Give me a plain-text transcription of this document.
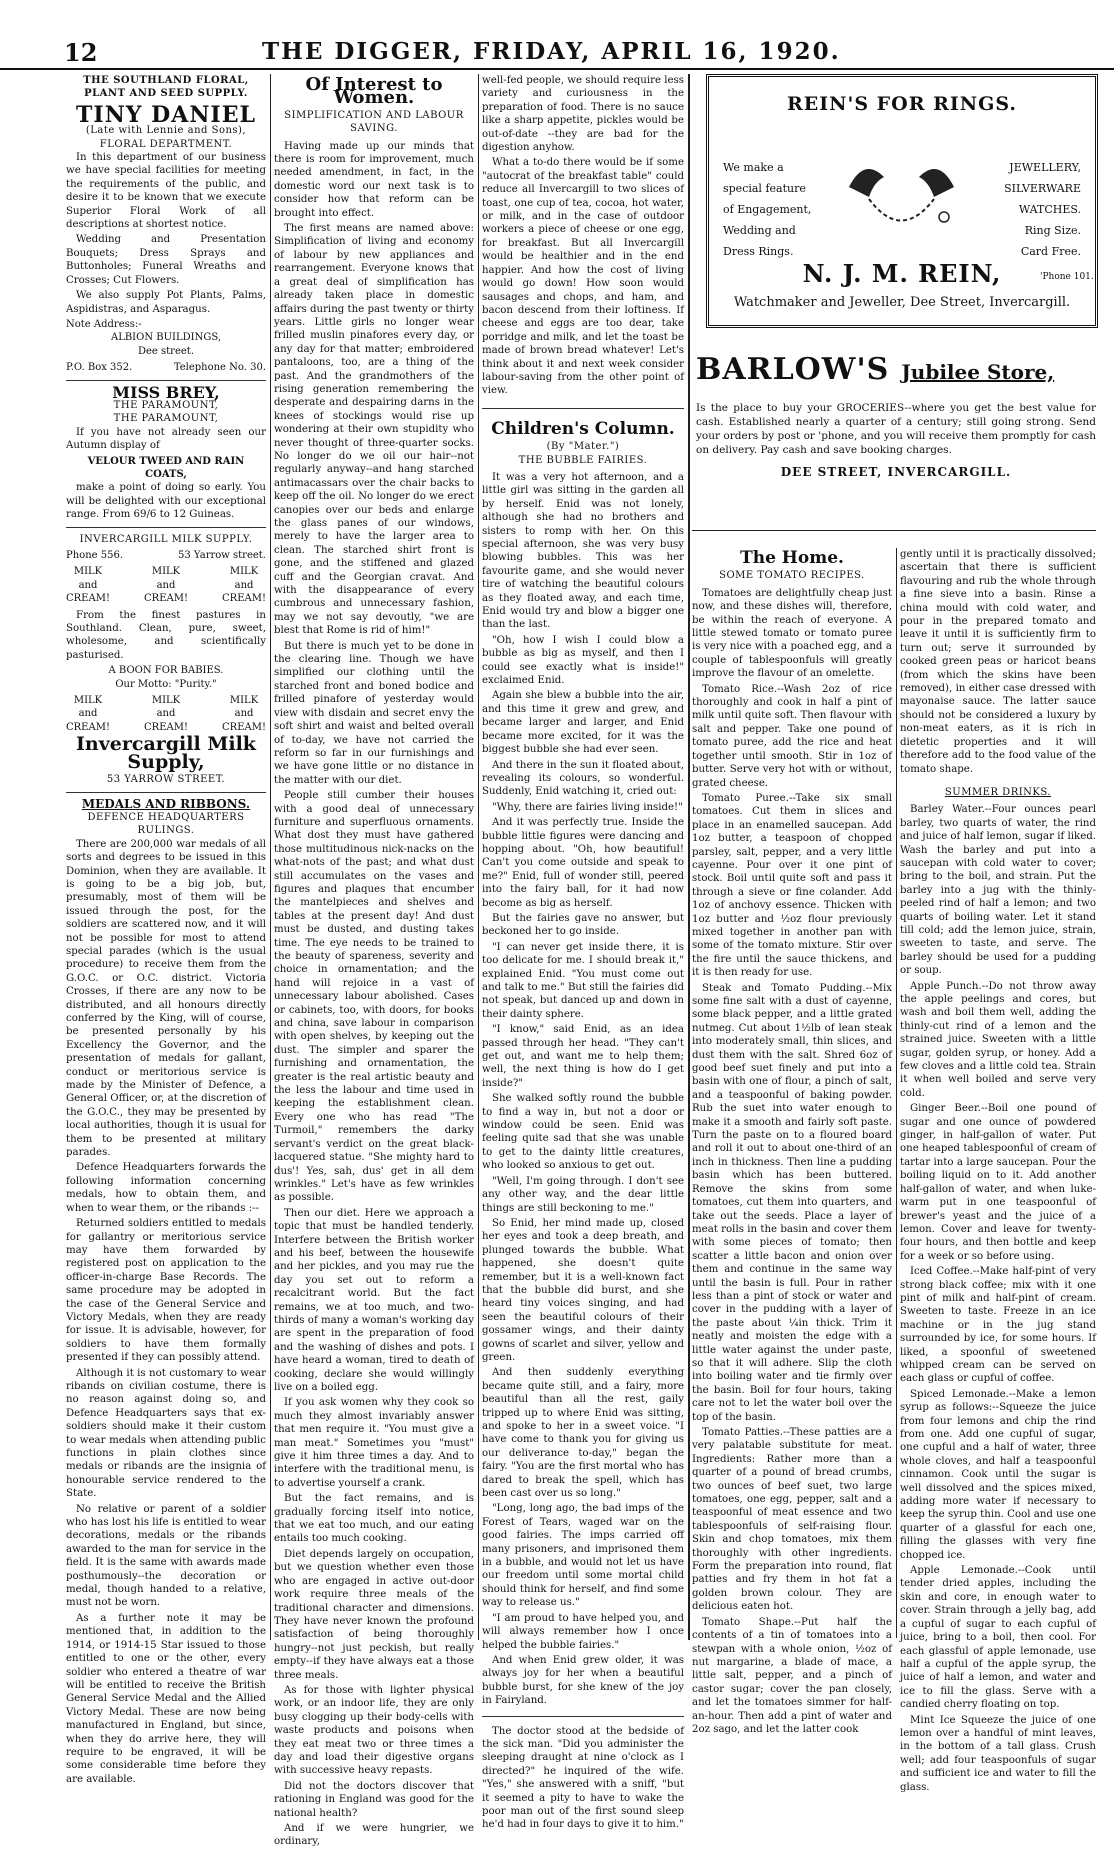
12	THE DIGGER, FRIDAY, APRIL 16, 1920.
THE SOUTHLAND FLORAL, PLANT AND SEED SUPPLY.
TINY DANIEL
(Late with Lennie and Sons),
FLORAL DEPARTMENT.

In this department of our business we have special facilities for meeting the requirements of the public, and desire it to be known that we execute Superior Floral Work of all descriptions at shortest notice.

Wedding and Presentation Bouquets; Dress Sprays and Buttonholes; Funeral Wreaths and Crosses; Cut Flowers.

We also supply Pot Plants, Palms, Aspidistras, and Asparagus.

Note Address:-
ALBION BUILDINGS,
Dee street.
P.O. Box 352.	Telephone No. 30.
MISS BREY,
THE PARAMOUNT,
THE PARAMOUNT,

If you have not already seen our Autumn display of

VELOUR TWEED AND RAIN COATS,

make a point of doing so early. You will be delighted with our exceptional range. From 69/6 to 12 Guineas.

INVERCARGILL MILK SUPPLY.
Phone 556.	53 Yarrow street.
MILK
and
CREAM!
MILK
and
CREAM!
MILK
and
CREAM!

From the finest pastures in Southland. Clean, pure, sweet, wholesome, and scientifically pasturised.

A BOON FOR BABIES.
Our Motto: "Purity."
MILK
and
CREAM!
MILK
and
CREAM!
MILK
and
CREAM!
Invercargill Milk
Supply,
53 YARROW STREET.
MEDALS AND RIBBONS.
DEFENCE HEADQUARTERS
RULINGS.

There are 200,000 war medals of all sorts and degrees to be issued in this Dominion, when they are available. It is going to be a big job, but, presumably, most of them will be issued through the post, for the soldiers are scattered now, and it will not be possible for most to attend special parades (which is the usual procedure) to receive them from the G.O.C. or O.C. district. Victoria Crosses, if there are any now to be distributed, and all honours directly conferred by the King, will of course, be presented personally by his Excellency the Governor, and the presentation of medals for gallant, conduct or meritorious service is made by the Minister of Defence, a General Officer, or, at the discretion of the G.O.C., they may be presented by local authorities, though it is usual for them to be presented at military parades.

Defence Headquarters forwards the following information concerning medals, how to obtain them, and when to wear them, or the ribands :--

Returned soldiers entitled to medals for gallantry or meritorious service may have them forwarded by registered post on application to the officer-in-charge Base Records. The same procedure may be adopted in the case of the General Service and Victory Medals, when they are ready for issue. It is advisable, however, for soldiers to have them formally presented if they can possibly attend.

Although it is not customary to wear ribands on civilian costume, there is no reason against doing so, and Defence Headquarters says that ex-soldiers should make it their custom to wear medals when attending public functions in plain clothes since medals or ribands are the insignia of honourable service rendered to the State.

No relative or parent of a soldier who has lost his life is entitled to wear decorations, medals or the ribands awarded to the man for service in the field. It is the same with awards made posthumously--the decoration or medal, though handed to a relative, must not be worn.

As a further note it may be mentioned that, in addition to the 1914, or 1914-15 Star issued to those entitled to one or the other, every soldier who entered a theatre of war will be entitled to receive the British General Service Medal and the Allied Victory Medal. These are now being manufactured in England, but since, when they do arrive here, they will require to be engraved, it will be some considerable time before they are available.

Of Interest to Women.
SIMPLIFICATION AND LABOUR
SAVING.

Having made up our minds that there is room for improvement, much needed amendment, in fact, in the domestic word our next task is to consider how that reform can be brought into effect.

The first means are named above: Simplification of living and economy of labour by new appliances and rearrangement. Everyone knows that a great deal of simplification has already taken place in domestic affairs during the past twenty or thirty years. Little girls no longer wear frilled muslin pinafores every day, or any day for that matter; embroidered pantaloons, too, are a thing of the past. And the grandmothers of the rising generation remembering the desperate and despairing darns in the knees of stockings would rise up wondering at their own stupidity who never thought of three-quarter socks. No longer do we oil our hair--not regularly anyway--and hang starched antimacassars over the chair backs to keep off the oil. No longer do we erect canopies over our beds and enlarge the glass panes of our windows, merely to have the larger area to clean. The starched shirt front is gone, and the stiffened and glazed cuff and the Georgian cravat. And with the disappearance of every cumbrous and unnecessary fashion, may we not say devoutly, "we are blest that Rome is rid of him!"

But there is much yet to be done in the clearing line. Though we have simplified our clothing until the starched front and boned bodice and frilled pinafore of yesterday would view with disdain and secret envy the soft shirt and waist and belted overall of to-day, we have not carried the reform so far in our furnishings and we have gone little or no distance in the matter with our diet.

People still cumber their houses with a good deal of unnecessary furniture and superfluous ornaments. What dost they must have gathered those multitudinous nick-nacks on the what-nots of the past; and what dust still accumulates on the vases and figures and plaques that encumber the mantelpieces and shelves and tables at the present day! And dust must be dusted, and dusting takes time. The eye needs to be trained to the beauty of spareness, severity and choice in ornamentation; and the hand will rejoice in a vast of unnecessary labour abolished. Cases or cabinets, too, with doors, for books and china, save labour in comparison with open shelves, by keeping out the dust. The simpler and sparer the furnishing and ornamentation, the greater is the real artistic beauty and the less the labour and time used in keeping the establishment clean. Every one who has read "The Turmoil," remembers the darky servant's verdict on the great black-lacquered statue. "She mighty hard to dus'! Yes, sah, dus' get in all dem wrinkles." Let's have as few wrinkles as possible.

Then our diet. Here we approach a topic that must be handled tenderly. Interfere between the British worker and his beef, between the housewife and her pickles, and you may rue the day you set out to reform a recalcitrant world. But the fact remains, we at too much, and two-thirds of many a woman's working day are spent in the preparation of food and the washing of dishes and pots. I have heard a woman, tired to death of cooking, declare she would willingly live on a boiled egg.

If you ask women why they cook so much they almost invariably answer that men require it. "You must give a man meat." Sometimes you "must" give it him three times a day. And to interfere with the traditional menu, is to advertise yourself a crank.

But the fact remains, and is gradually forcing itself into notice, that we eat too much, and our eating entails too much cooking.

Diet depends largely on occupation, but we question whether even those who are engaged in active out-door work require three meals of the traditional character and dimensions. They have never known the profound satisfaction of being thoroughly hungry--not just peckish, but really empty--if they have always eat a those three meals.

As for those with lighter physical work, or an indoor life, they are only busy clogging up their body-cells with waste products and poisons when they eat meat two or three times a day and load their digestive organs with successive heavy repasts.

Did not the doctors discover that rationing in England was good for the national health?

And if we were hungrier, we ordinary,

well-fed people, we should require less variety and curiousness in the preparation of food. There is no sauce like a sharp appetite, pickles would be out-of-date --they are bad for the digestion anyhow.

What a to-do there would be if some "autocrat of the breakfast table" could reduce all Invercargill to two slices of toast, one cup of tea, cocoa, hot water, or milk, and in the case of outdoor workers a piece of cheese or one egg, for breakfast. But all Invercargill would be healthier and in the end happier. And how the cost of living would go down! How soon would sausages and chops, and ham, and bacon descend from their loftiness. If cheese and eggs are too dear, take porridge and milk, and let the toast be made of brown bread whatever! Let's think about it and next week consider labour-saving from the other point of view.

Children's Column.
(By "Mater.")
THE BUBBLE FAIRIES.

It was a very hot afternoon, and a little girl was sitting in the garden all by herself. Enid was not lonely, although she had no brothers and sisters to romp with her. On this special afternoon, she was very busy blowing bubbles. This was her favourite game, and she would never tire of watching the beautiful colours as they floated away, and each time, Enid would try and blow a bigger one than the last.

"Oh, how I wish I could blow a bubble as big as myself, and then I could see exactly what is inside!" exclaimed Enid.

Again she blew a bubble into the air, and this time it grew and grew, and became larger and larger, and Enid became more excited, for it was the biggest bubble she had ever seen.

And there in the sun it floated about, revealing its colours, so wonderful. Suddenly, Enid watching it, cried out:

"Why, there are fairies living inside!"

And it was perfectly true. Inside the bubble little figures were dancing and hopping about. "Oh, how beautiful! Can't you come outside and speak to me?" Enid, full of wonder still, peered into the fairy ball, for it had now become as big as herself.

But the fairies gave no answer, but beckoned her to go inside.

"I can never get inside there, it is too delicate for me. I should break it," explained Enid. "You must come out and talk to me." But still the fairies did not speak, but danced up and down in their dainty sphere.

"I know," said Enid, as an idea passed through her head. "They can't get out, and want me to help them; well, the next thing is how do I get inside?"

She walked softly round the bubble to find a way in, but not a door or window could be seen. Enid was feeling quite sad that she was unable to get to the dainty little creatures, who looked so anxious to get out.

"Well, I'm going through. I don't see any other way, and the dear little things are still beckoning to me."

So Enid, her mind made up, closed her eyes and took a deep breath, and plunged towards the bubble. What happened, she doesn't quite remember, but it is a well-known fact that the bubble did burst, and she heard tiny voices singing, and had seen the beautiful colours of their gossamer wings, and their dainty gowns of scarlet and silver, yellow and green.

And then suddenly everything became quite still, and a fairy, more beautiful than all the rest, gaily tripped up to where Enid was sitting, and spoke to her in a sweet voice. "I have come to thank you for giving us our deliverance to-day," began the fairy. "You are the first mortal who has dared to break the spell, which has been cast over us so long."

"Long, long ago, the bad imps of the Forest of Tears, waged war on the good fairies. The imps carried off many prisoners, and imprisoned them in a bubble, and would not let us have our freedom until some mortal child should think for herself, and find some way to release us."

"I am proud to have helped you, and will always remember how I once helped the bubble fairies."

And when Enid grew older, it was always joy for her when a beautiful bubble burst, for she knew of the joy in Fairyland.

The doctor stood at the bedside of the sick man. "Did you administer the sleeping draught at nine o'clock as I directed?" he inquired of the wife. "Yes," she answered with a sniff, "but it seemed a pity to have to wake the poor man out of the first sound sleep he'd had in four days to give it to him."

REIN'S FOR RINGS.
We make a
special feature
of Engagement,
Wedding and
Dress Rings.
JEWELLERY,
SILVERWARE
WATCHES.
Ring Size.
Card Free.
N. J. M. REIN,
Watchmaker and Jeweller, Dee Street, Invercargill.
'Phone 101.
BARLOW'S Jubilee Store,
Is the place to buy your GROCERIES--where you get the best value for cash. Established nearly a quarter of a century; still going strong. Send your orders by post or 'phone, and you will receive them promptly for cash on delivery. Pay cash and save booking charges.
DEE STREET, INVERCARGILL.
The Home.
SOME TOMATO RECIPES.

Tomatoes are delightfully cheap just now, and these dishes will, therefore, be within the reach of everyone. A little stewed tomato or tomato puree is very nice with a poached egg, and a couple of tablespoonfuls will greatly improve the flavour of an omelette.

Tomato Rice.--Wash 2oz of rice thoroughly and cook in half a pint of milk until quite soft. Then flavour with salt and pepper. Take one pound of tomato puree, add the rice and heat together until smooth. Stir in 1oz of butter. Serve very hot with or without, grated cheese.

Tomato Puree.--Take six small tomatoes. Cut them in slices and place in an enamelled saucepan. Add 1oz butter, a teaspoon of chopped parsley, salt, pepper, and a very little cayenne. Pour over it one pint of stock. Boil until quite soft and pass it through a sieve or fine colander. Add 1oz of anchovy essence. Thicken with 1oz butter and ½oz flour previously mixed together in another pan with some of the tomato mixture. Stir over the fire until the sauce thickens, and it is then ready for use.

Steak and Tomato Pudding.--Mix some fine salt with a dust of cayenne, some black pepper, and a little grated nutmeg. Cut about 1½lb of lean steak into moderately small, thin slices, and dust them with the salt. Shred 6oz of good beef suet finely and put into a basin with one of flour, a pinch of salt, and a teaspoonful of baking powder. Rub the suet into water enough to make it a smooth and fairly soft paste. Turn the paste on to a floured board and roll it out to about one-third of an inch in thickness. Then line a pudding basin which has been buttered. Remove the skins from some tomatoes, cut them into quarters, and take out the seeds. Place a layer of meat rolls in the basin and cover them with some pieces of tomato; then scatter a little bacon and onion over them and continue in the same way until the basin is full. Pour in rather less than a pint of stock or water and cover in the pudding with a layer of the paste about ¼in thick. Trim it neatly and moisten the edge with a little water against the under paste, so that it will adhere. Slip the cloth into boiling water and tie firmly over the basin. Boil for four hours, taking care not to let the water boil over the top of the basin.

Tomato Patties.--These patties are a very palatable substitute for meat. Ingredients: Rather more than a quarter of a pound of bread crumbs, two ounces of beef suet, two large tomatoes, one egg, pepper, salt and a teaspoonful of meat essence and two tablespoonfuls of self-raising flour. Skin and chop tomatoes, mix them thoroughly with other ingredients. Form the preparation into round, flat patties and fry them in hot fat a golden brown colour. They are delicious eaten hot.

Tomato Shape.--Put half the contents of a tin of tomatoes into a stewpan with a whole onion, ½oz of nut margarine, a blade of mace, a little salt, pepper, and a pinch of castor sugar; cover the pan closely, and let the tomatoes simmer for half-an-hour. Then add a pint of water and 2oz sago, and let the latter cook

gently until it is practically dissolved; ascertain that there is sufficient flavouring and rub the whole through a fine sieve into a basin. Rinse a china mould with cold water, and pour in the prepared tomato and leave it until it is sufficiently firm to turn out; serve it surrounded by cooked green peas or haricot beans (from which the skins have been removed), in either case dressed with mayonaise sauce. The latter sauce should not be considered a luxury by non-meat eaters, as it is rich in dietetic properties and it will therefore add to the food value of the tomato shape.

SUMMER DRINKS.

Barley Water.--Four ounces pearl barley, two quarts of water, the rind and juice of half lemon, sugar if liked. Wash the barley and put into a saucepan with cold water to cover; bring to the boil, and strain. Put the barley into a jug with the thinly-peeled rind of half a lemon; and two quarts of boiling water. Let it stand till cold; add the lemon juice, strain, sweeten to taste, and serve. The barley should be used for a pudding or soup.

Apple Punch.--Do not throw away the apple peelings and cores, but wash and boil them well, adding the thinly-cut rind of a lemon and the strained juice. Sweeten with a little sugar, golden syrup, or honey. Add a few cloves and a little cold tea. Strain it when well boiled and serve very cold.

Ginger Beer.--Boil one pound of sugar and one ounce of powdered ginger, in half-gallon of water. Put one heaped tablespoonful of cream of tartar into a large saucepan. Pour the boiling liquid on to it. Add another half-gallon of water, and when luke-warm put in one teaspoonful of brewer's yeast and the juice of a lemon. Cover and leave for twenty-four hours, and then bottle and keep for a week or so before using.

Iced Coffee.--Make half-pint of very strong black coffee; mix with it one pint of milk and half-pint of cream. Sweeten to taste. Freeze in an ice machine or in the jug stand surrounded by ice, for some hours. If liked, a spoonful of sweetened whipped cream can be served on each glass or cupful of coffee.

Spiced Lemonade.--Make a lemon syrup as follows:--Squeeze the juice from four lemons and chip the rind from one. Add one cupful of sugar, one cupful and a half of water, three whole cloves, and half a teaspoonful cinnamon. Cook until the sugar is well dissolved and the spices mixed, adding more water if necessary to keep the syrup thin. Cool and use one quarter of a glassful for each one, filling the glasses with very fine chopped ice.

Apple Lemonade.--Cook until tender dried apples, including the skin and core, in enough water to cover. Strain through a jelly bag, add a cupful of sugar to each cupful of juice, bring to a boil, then cool. For each glassful of apple lemonade, use half a cupful of the apple syrup, the juice of half a lemon, and water and ice to fill the glass. Serve with a candied cherry floating on top.

Mint Ice Squeeze the juice of one lemon over a handful of mint leaves, in the bottom of a tall glass. Crush well; add four teaspoonfuls of sugar and sufficient ice and water to fill the glass.
